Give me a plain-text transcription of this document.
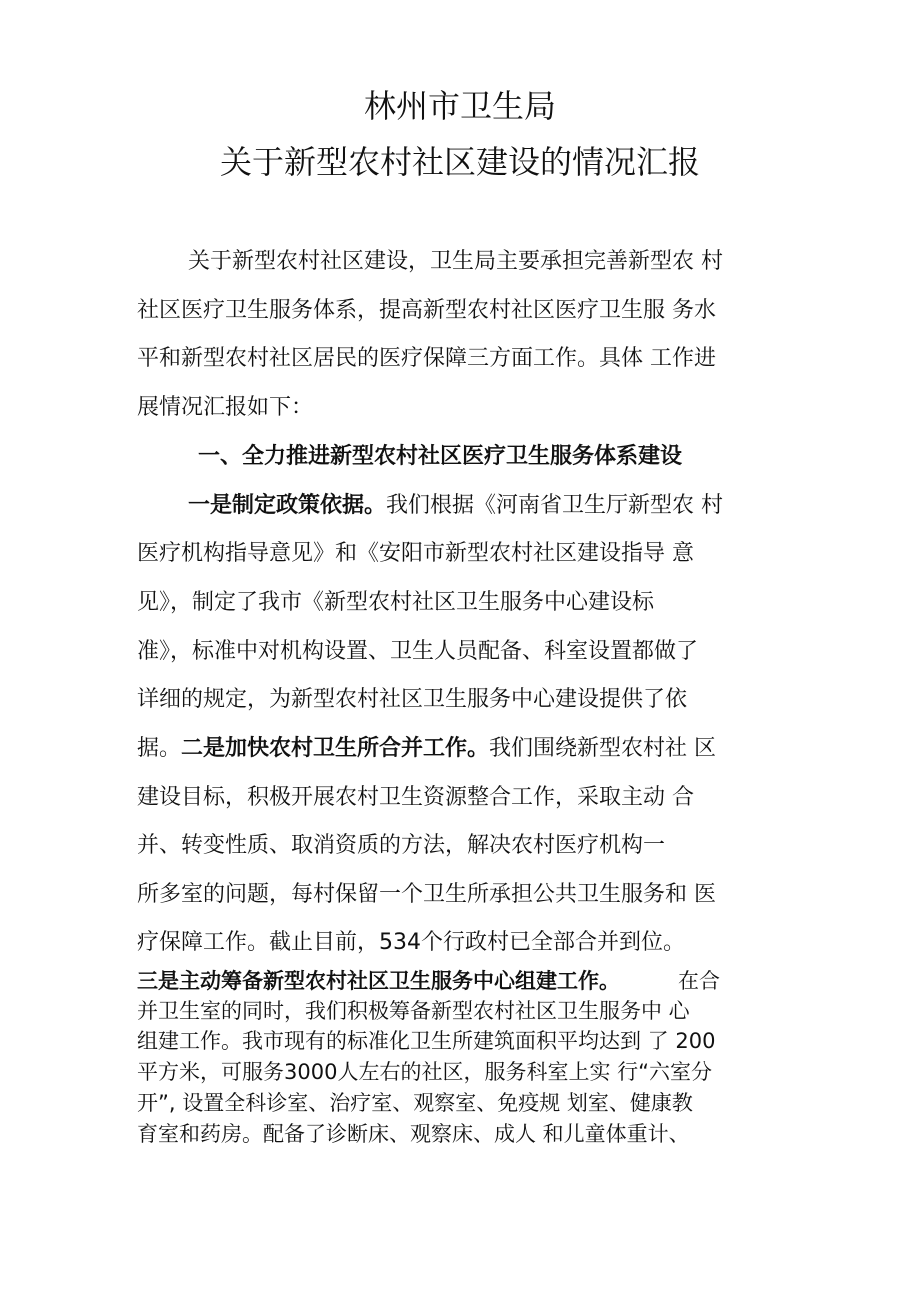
林州市卫生局
关于新型农村社区建设的情况汇报
关于新型农村社区建设，卫生局主要承担完善新型农 村
社区医疗卫生服务体系，提高新型农村社区医疗卫生服 务水
平和新型农村社区居民的医疗保障三方面工作。具体 工作进
展情况汇报如下：
一、全力推进新型农村社区医疗卫生服务体系建设
一是制定政策依据。我们根据《河南省卫生厅新型农 村
医疗机构指导意见》和《安阳市新型农村社区建设指导 意
见》，制定了我市《新型农村社区卫生服务中心建设标
准》，标准中对机构设置、卫生人员配备、科室设置都做了
详细的规定，为新型农村社区卫生服务中心建设提供了依
据。二是加快农村卫生所合并工作。我们围绕新型农村社 区
建设目标，积极开展农村卫生资源整合工作，采取主动 合
并、转变性质、取消资质的方法，解决农村医疗机构一
所多室的问题，每村保留一个卫生所承担公共卫生服务和 医
疗保障工作。截止目前，534个行政村已全部合并到位。
三是主动筹备新型农村社区卫生服务中心组建工作。	在合
并卫生室的同时，我们积极筹备新型农村社区卫生服务中 心
组建工作。我市现有的标准化卫生所建筑面积平均达到 了 200
平方米，可服务3000人左右的社区，服务科室上实 行“六室分
开”, 设置全科诊室、治疗室、观察室、免疫规 划室、健康教
育室和药房。配备了诊断床、观察床、成人 和儿童体重计、
